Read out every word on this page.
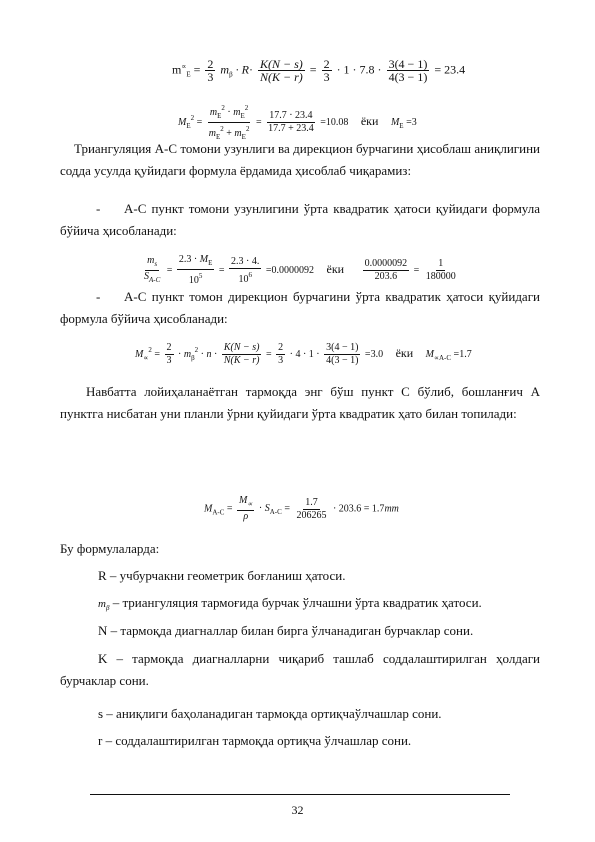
$m^\propto_E = \frac{2}{3} m_\beta \cdot R\cdot \frac{K(N - s)}{N(K - r)} = \frac{2}{3} \cdot 1 \cdot 7.8 \cdot \frac{3(4 - 1)}{4(3 - 1)} = 23.4$
$M_E^2 = \frac{m_E^2 \cdot m_E^2}{m_E^2 + m_E^2} = \frac{17.7 \cdot 23.4}{17.7 + 23.4} =10.08$ ёки $M_E =3$

Триангуляция А-С томони узунлиги ва дирекцион бурчагини ҳисоблаш аниқлигини содда усулда қуйидаги формула ёрдамида ҳисоблаб чиқарамиз:

- А-С пункт томони узунлигини ўрта квадратик ҳатоси қуйидаги формула бўйича ҳисобланади:
$\frac{m_s}{S_{A-C}} = \frac{2.3 \cdot M_E}{10^5} = \frac{2.3 \cdot 4.}{10^6} =0.0000092$ ёки $\frac{0.0000092}{203.6} = \frac{1}{180000}$
- А-С пункт томон дирекцион бурчагини ўрта квадратик ҳатоси қуйидаги формула бўйича ҳисобланади:
$M_\propto^2 = \frac{2}{3} \cdot m_\beta^2 \cdot n \cdot \frac{K(N - s)}{N(K - r)} = \frac{2}{3} \cdot 4 \cdot 1 \cdot \frac{3(4 - 1)}{4(3 - 1)} =3.0$ ёки $M_{\propto A-C} =1.7$

Навбатта лойиҳаланаётган тармоқда энг бўш пункт С бўлиб, бошланғич А пунктга нисбатан уни планли ўрни қуйидаги ўрта квадратик ҳато билан топилади:

$M_{A-C} = \frac{M_\propto}{\rho} \cdot S_{A-C} = \frac{1.7}{206265} \cdot 203.6 = 1.7mm$

Бу формулаларда:

R – учбурчакни геометрик боғланиш ҳатоси.
$m_\beta$ – триангуляция тармоғида бурчак ўлчашни ўрта квадратик ҳатоси.
N – тармоқда диагналлар билан бирга ўлчанадиган бурчаклар сони.
K – тармоқда диагналларни чиқариб ташлаб соддалаштирилган ҳолдаги бурчаклар сони.
s – аниқлиги баҳоланадиган тармоқда ортиқчаўлчашлар сони.
r – соддалаштирилган тармоқда ортиқча ўлчашлар сони.
32
